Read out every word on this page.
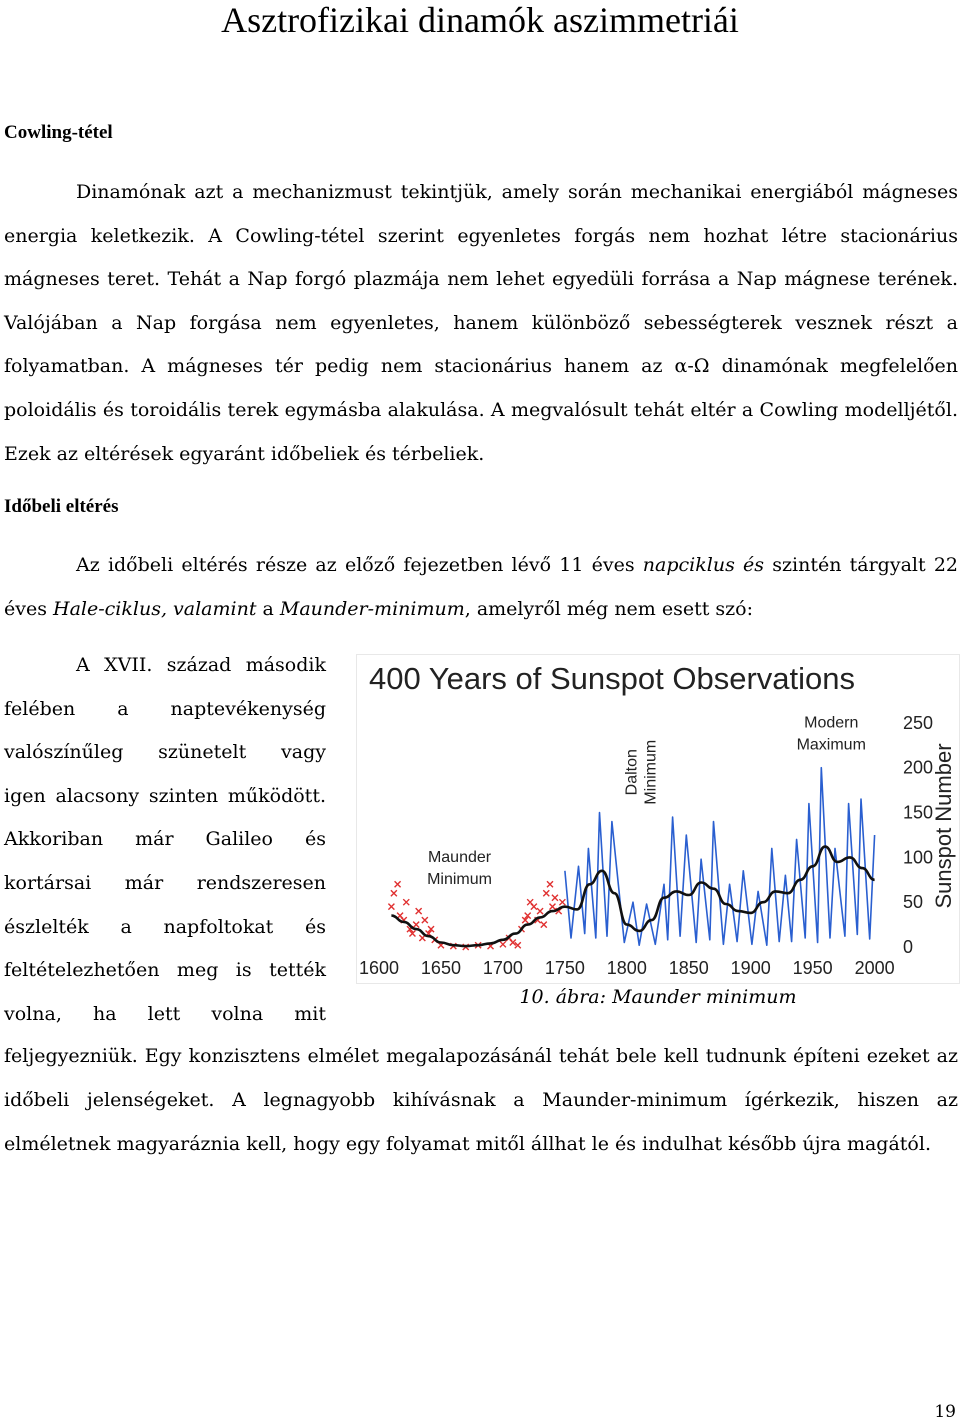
Asztrofizikai dinamók aszimmetriái
Cowling-tétel

Dinamónak azt a mechanizmust tekintjük, amely során mechanikai energiából mágneses energia keletkezik. A Cowling-tétel szerint egyenletes forgás nem hozhat létre stacionárius mágneses teret. Tehát a Nap forgó plazmája nem lehet egyedüli forrása a Nap mágnese terének. Valójában a Nap forgása nem egyenletes, hanem különböző sebességterek vesznek részt a folyamatban. A mágneses tér pedig nem stacionárius hanem az α-Ω dinamónak megfelelően poloidális és toroidális terek egymásba alakulása. A megvalósult tehát eltér a Cowling modelljétől. Ezek az eltérések egyaránt időbeliek és térbeliek.

Időbeli eltérés

Az időbeli eltérés része az előző fejezetben lévő 11 éves napciklus és szintén tárgyalt 22 éves Hale-ciklus, valamint a Maunder-minimum, amelyről még nem esett szó:

A XVII. század második
felében a naptevékenység
valószínűleg szünetelt vagy
igen alacsony szinten működött.
Akkoriban már Galileo és
kortársai már rendszeresen
észlelték a napfoltokat és
feltételezhetően meg is tették
volna, ha lett volna mit
400 Years of Sunspot Observations
Sunspot Number
1600 1650 1700 1750 1800 1850 1900 1950 2000
0
50
100
150
200
250
Maunder
Minimum
Dalton Minimum
Modern
Maximum
10. ábra: Maunder minimum

feljegyezniük. Egy konzisztens elmélet megalapozásánál tehát bele kell tudnunk építeni ezeket az időbeli jelenségeket. A legnagyobb kihívásnak a Maunder-minimum ígérkezik, hiszen az elméletnek magyaráznia kell, hogy egy folyamat mitől állhat le és indulhat később újra magától.

19
